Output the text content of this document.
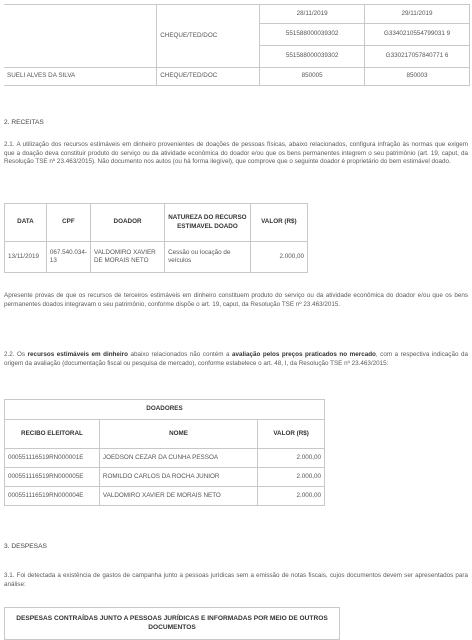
	CHEQUE/TED/DOC	28/11/2019	29/11/2019
		551588000039302	G3340210554799031 9
		551588000039302	G330217057840771 6
SUELI ALVES DA SILVA	CHEQUE/TED/DOC	850005	850003
2. RECEITAS
2.1. A utilização dos recursos estimáveis em dinheiro provenientes de doações de pessoas físicas, abaixo relacionados, configura infração às normas que exigem que a doação deva constituir produto do serviço ou da atividade econômica do doador e/ou que os bens permanentes integrem o seu patrimônio (art. 19, caput, da Resolução TSE nº 23.463/2015). Não documento nos autos (ou há forma ilegível), que comprove que o seguinte doador é proprietário do bem estimável doado.
DATA	CPF	DOADOR	NATUREZA DO RECURSO ESTIMAVEL DOADO	VALOR (R$)
13/11/2019	067.540.034-13	VALDOMIRO XAVIER DE MORAIS NETO	Cessão ou locação de veículos	2.000,00
Apresente provas de que os recursos de terceiros estimáveis em dinheiro constituem produto do serviço ou da atividade econômica do doador e/ou que os bens permanentes doados integravam o seu patrimônio, conforme dispõe o art. 19, caput, da Resolução TSE nº 23.463/2015.
2.2. Os recursos estimáveis em dinheiro abaixo relacionados não contém a avaliação pelos preços praticados no mercado, com a respectiva indicação da origem da avaliação (documentação fiscal ou pesquisa de mercado), conforme estabelece o art. 48, I, da Resolução TSE nº 23.463/2015:
DOADORES		
RECIBO ELEITORAL	NOME	VALOR (R$)
000551116519RN000001E	JOEDSON CEZAR DA CUNHA PESSOA	2.000,00
000551116519RN000005E	ROMILDO CARLOS DA ROCHA JUNIOR	2.000,00
000551116519RN000004E	VALDOMIRO XAVIER DE MORAIS NETO	2.000,00
3. DESPESAS
3.1. Foi detectada a existência de gastos de campanha junto a pessoas jurídicas sem a emissão de notas fiscais, cujos documentos devem ser apresentados para análise:
DESPESAS CONTRAÍDAS JUNTO A PESSOAS JURÍDICAS E INFORMADAS POR MEIO DE OUTROS DOCUMENTOS
